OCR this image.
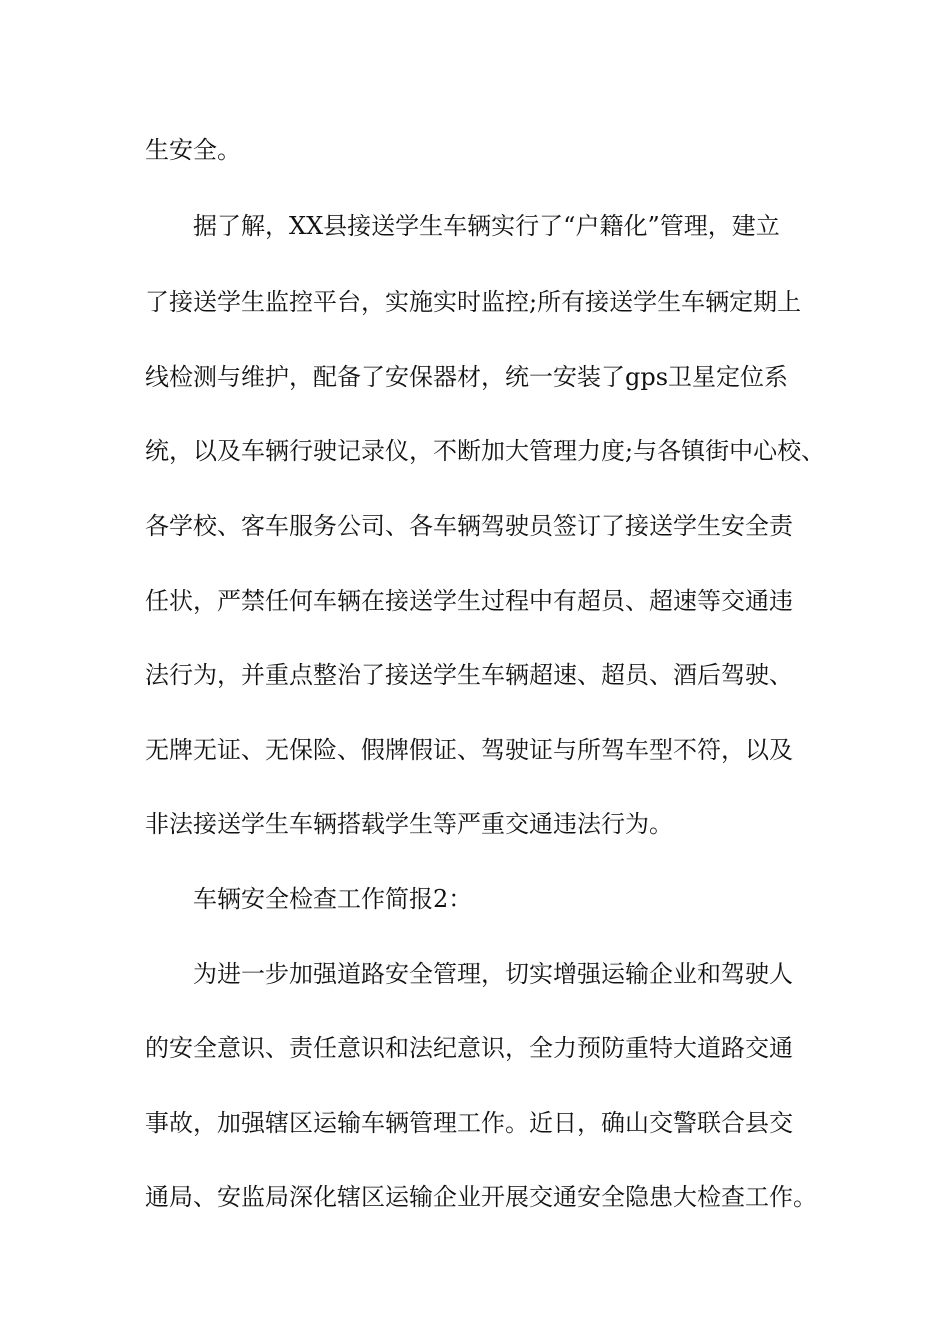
生安全。
据了解，XX县接送学生车辆实行了“户籍化”管理，建立
了接送学生监控平台，实施实时监控;所有接送学生车辆定期上
线检测与维护，配备了安保器材，统一安装了gps卫星定位系
统，以及车辆行驶记录仪，不断加大管理力度;与各镇街中心校、
各学校、客车服务公司、各车辆驾驶员签订了接送学生安全责
任状，严禁任何车辆在接送学生过程中有超员、超速等交通违
法行为，并重点整治了接送学生车辆超速、超员、酒后驾驶、
无牌无证、无保险、假牌假证、驾驶证与所驾车型不符，以及
非法接送学生车辆搭载学生等严重交通违法行为。
车辆安全检查工作简报2：
为进一步加强道路安全管理，切实增强运输企业和驾驶人
的安全意识、责任意识和法纪意识，全力预防重特大道路交通
事故，加强辖区运输车辆管理工作。近日，确山交警联合县交
通局、安监局深化辖区运输企业开展交通安全隐患大检查工作。
